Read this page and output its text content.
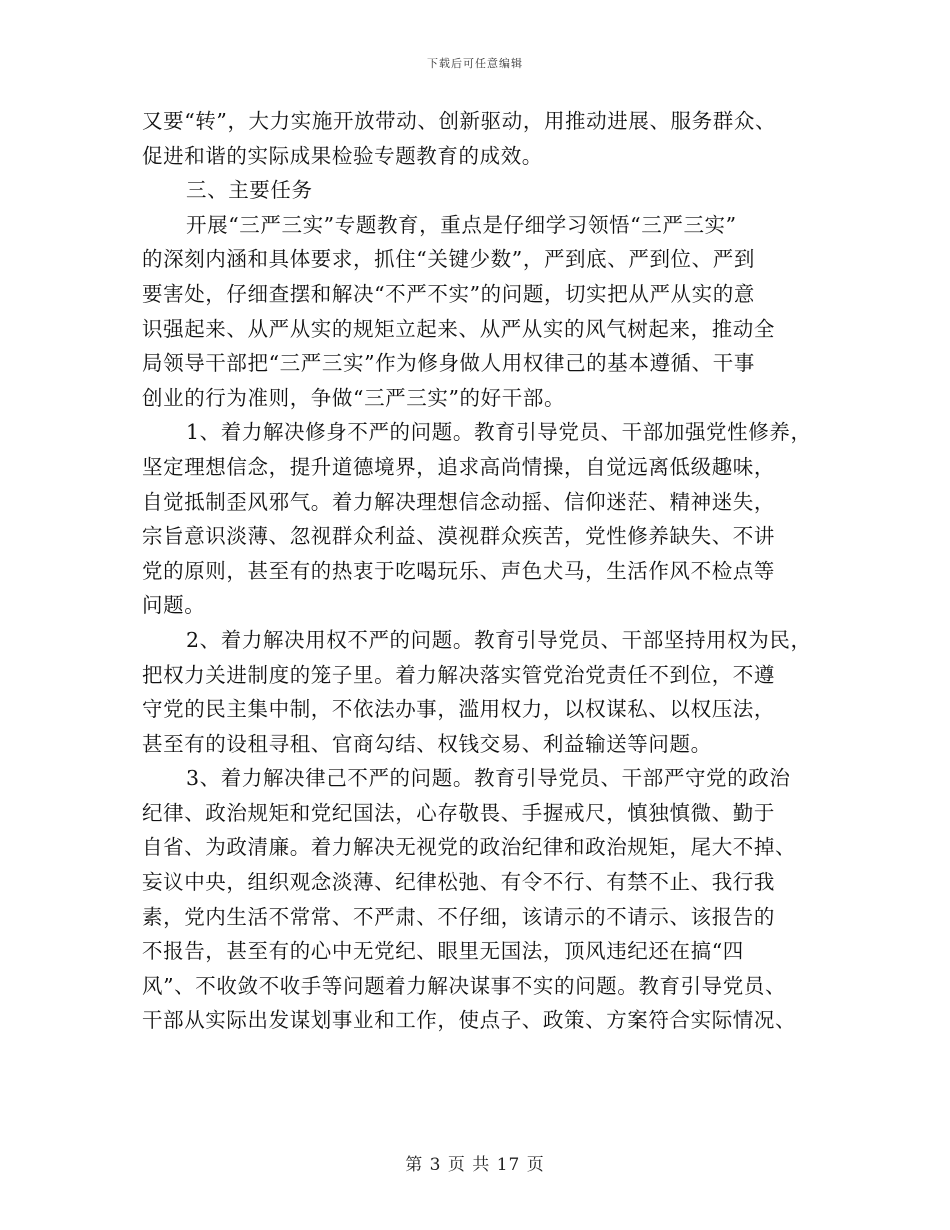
下载后可任意编辑
又要“转”，大力实施开放带动、创新驱动，用推动进展、服务群众、
促进和谐的实际成果检验专题教育的成效。
三、主要任务
开展“三严三实”专题教育，重点是仔细学习领悟“三严三实”
的深刻内涵和具体要求，抓住“关键少数”，严到底、严到位、严到
要害处，仔细查摆和解决“不严不实”的问题，切实把从严从实的意
识强起来、从严从实的规矩立起来、从严从实的风气树起来，推动全
局领导干部把“三严三实”作为修身做人用权律己的基本遵循、干事
创业的行为准则，争做“三严三实”的好干部。
1、着力解决修身不严的问题。教育引导党员、干部加强党性修养，
坚定理想信念，提升道德境界，追求高尚情操，自觉远离低级趣味，
自觉抵制歪风邪气。着力解决理想信念动摇、信仰迷茫、精神迷失，
宗旨意识淡薄、忽视群众利益、漠视群众疾苦，党性修养缺失、不讲
党的原则，甚至有的热衷于吃喝玩乐、声色犬马，生活作风不检点等
问题。
2、着力解决用权不严的问题。教育引导党员、干部坚持用权为民，
把权力关进制度的笼子里。着力解决落实管党治党责任不到位，不遵
守党的民主集中制，不依法办事，滥用权力，以权谋私、以权压法，
甚至有的设租寻租、官商勾结、权钱交易、利益输送等问题。
3、着力解决律己不严的问题。教育引导党员、干部严守党的政治
纪律、政治规矩和党纪国法，心存敬畏、手握戒尺，慎独慎微、勤于
自省、为政清廉。着力解决无视党的政治纪律和政治规矩，尾大不掉、
妄议中央，组织观念淡薄、纪律松弛、有令不行、有禁不止、我行我
素，党内生活不常常、不严肃、不仔细，该请示的不请示、该报告的
不报告，甚至有的心中无党纪、眼里无国法，顶风违纪还在搞“四
风”、不收敛不收手等问题着力解决谋事不实的问题。教育引导党员、
干部从实际出发谋划事业和工作，使点子、政策、方案符合实际情况、
第 3 页 共 17 页
